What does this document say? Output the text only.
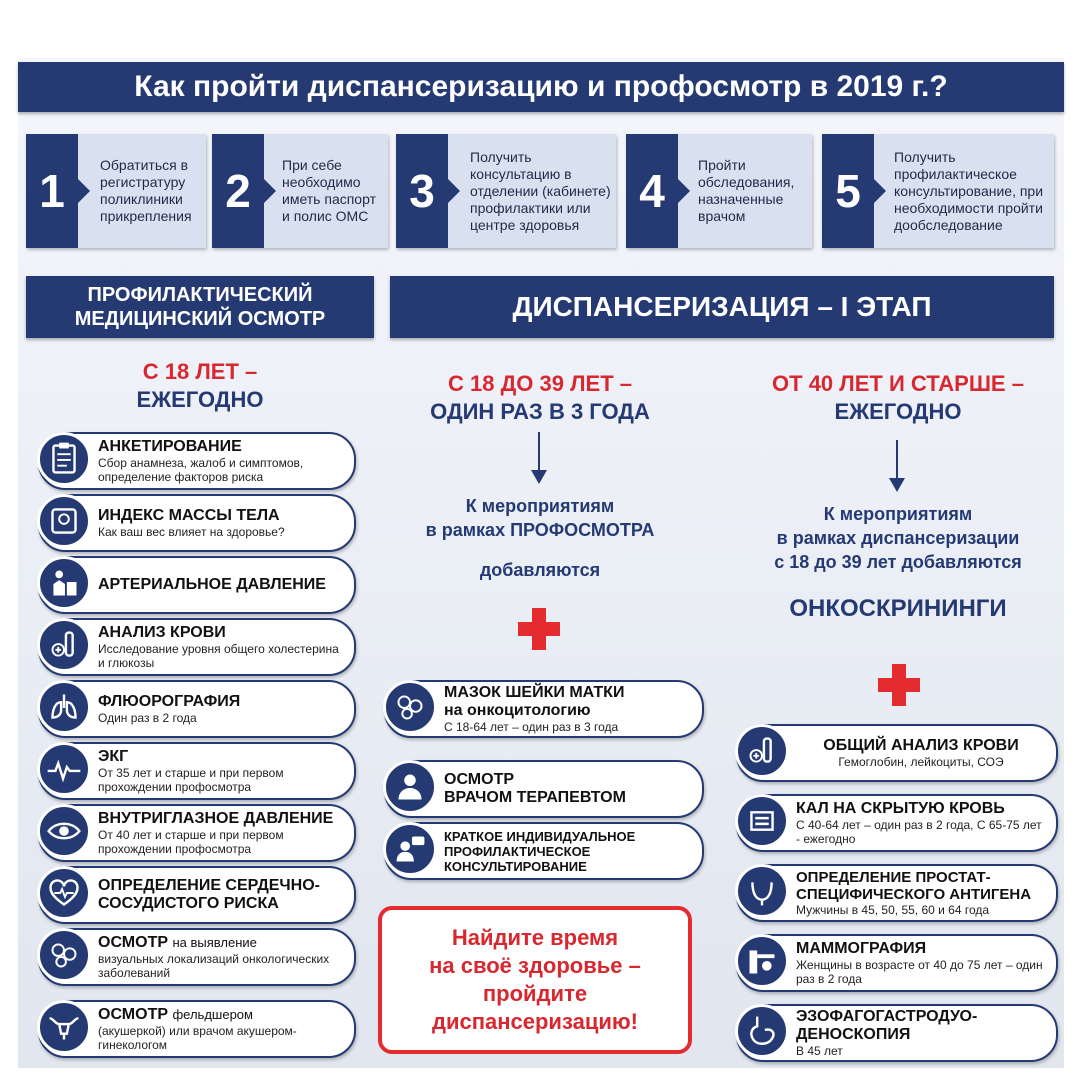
Как пройти диспансеризацию и профосмотр в 2019 г.?
1	Обратиться в регистратуру поликлиники прикрепления 2	При себе необходимо иметь паспорт и полис ОМС 3
Получить консультацию в отделении (кабинете) профилактики или центре здоровья
4	Пройти обследования, назначенные врачом	5
Получить профилактическое консультирование, при необходимости пройти дообследование
ПРОФИЛАКТИЧЕСКИЙ
МЕДИЦИНСКИЙ ОСМОТР	ДИСПАНСЕРИЗАЦИЯ – I ЭТАП
С 18 ЛЕТ –
ЕЖЕГОДНО
АНКЕТИРОВАНИЕ
Сбор анамнеза, жалоб и симптомов, определение факторов риска
ИНДЕКС МАССЫ ТЕЛА
Как ваш вес влияет на здоровье?
АРТЕРИАЛЬНОЕ ДАВЛЕНИЕ
АНАЛИЗ КРОВИ
Исследование уровня общего холестерина и глюкозы
ФЛЮОРОГРАФИЯ
Один раз в 2 года
ЭКГ
От 35 лет и старше и при первом прохождении профосмотра
ВНУТРИГЛАЗНОЕ ДАВЛЕНИЕ
От 40 лет и старше и при первом прохождении профосмотра
ОПРЕДЕЛЕНИЕ СЕРДЕЧНО-СОСУДИСТОГО РИСКА
ОСМОТР на выявление
визуальных локализаций онкологических заболеваний
ОСМОТР фельдшером
(акушеркой) или врачом акушером-гинекологом
С 18 ДО 39 ЛЕТ –
ОДИН РАЗ В 3 ГОДА
К мероприятиям
в рамках ПРОФОСМОТРА
добавляются
МАЗОК ШЕЙКИ МАТКИ
на онкоцитологию
С 18-64 лет – один раз в 3 года
ОСМОТР
ВРАЧОМ ТЕРАПЕВТОМ
КРАТКОЕ ИНДИВИДУАЛЬНОЕ ПРОФИЛАКТИЧЕСКОЕ КОНСУЛЬТИРОВАНИЕ
Найдите время
на своё здоровье –
пройдите
диспансеризацию!
ОТ 40 ЛЕТ И СТАРШЕ –
ЕЖЕГОДНО
К мероприятиям
в рамках диспансеризации
с 18 до 39 лет добавляются
ОНКОСКРИНИНГИ
ОБЩИЙ АНАЛИЗ КРОВИ
Гемоглобин, лейкоциты, СОЭ
КАЛ НА СКРЫТУЮ КРОВЬ
С 40-64 лет – один раз в 2 года, С 65-75 лет - ежегодно
ОПРЕДЕЛЕНИЕ ПРОСТАТ-СПЕЦИФИЧЕСКОГО АНТИГЕНА
Мужчины в 45, 50, 55, 60 и 64 года
МАММОГРАФИЯ
Женщины в возрасте от 40 до 75 лет – один раз в 2 года
ЭЗОФАГОГАСТРОДУО-ДЕНОСКОПИЯ
В 45 лет
